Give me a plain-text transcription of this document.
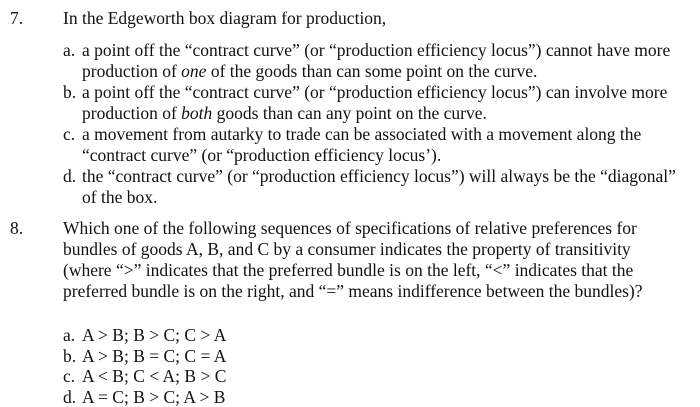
7.	In the Edgeworth box diagram for production,
a. a point off the “contract curve” (or “production efficiency locus”) cannot have more production of one of the goods than can some point on the curve.
b. a point off the “contract curve” (or “production efficiency locus”) can involve more production of both goods than can any point on the curve.
c. a movement from autarky to trade can be associated with a movement along the “contract curve” (or “production efficiency locus’).
d. the “contract curve” (or “production efficiency locus”) will always be the “diagonal” of the box.
8.	Which one of the following sequences of specifications of relative preferences for bundles of goods A, B, and C by a consumer indicates the property of transitivity (where “>” indicates that the preferred bundle is on the left, “<” indicates that the preferred bundle is on the right, and “=” means indifference between the bundles)?
a. A > B; B > C; C > A
b. A > B; B = C; C = A
c. A < B; C < A; B > C
d. A = C; B > C; A > B
